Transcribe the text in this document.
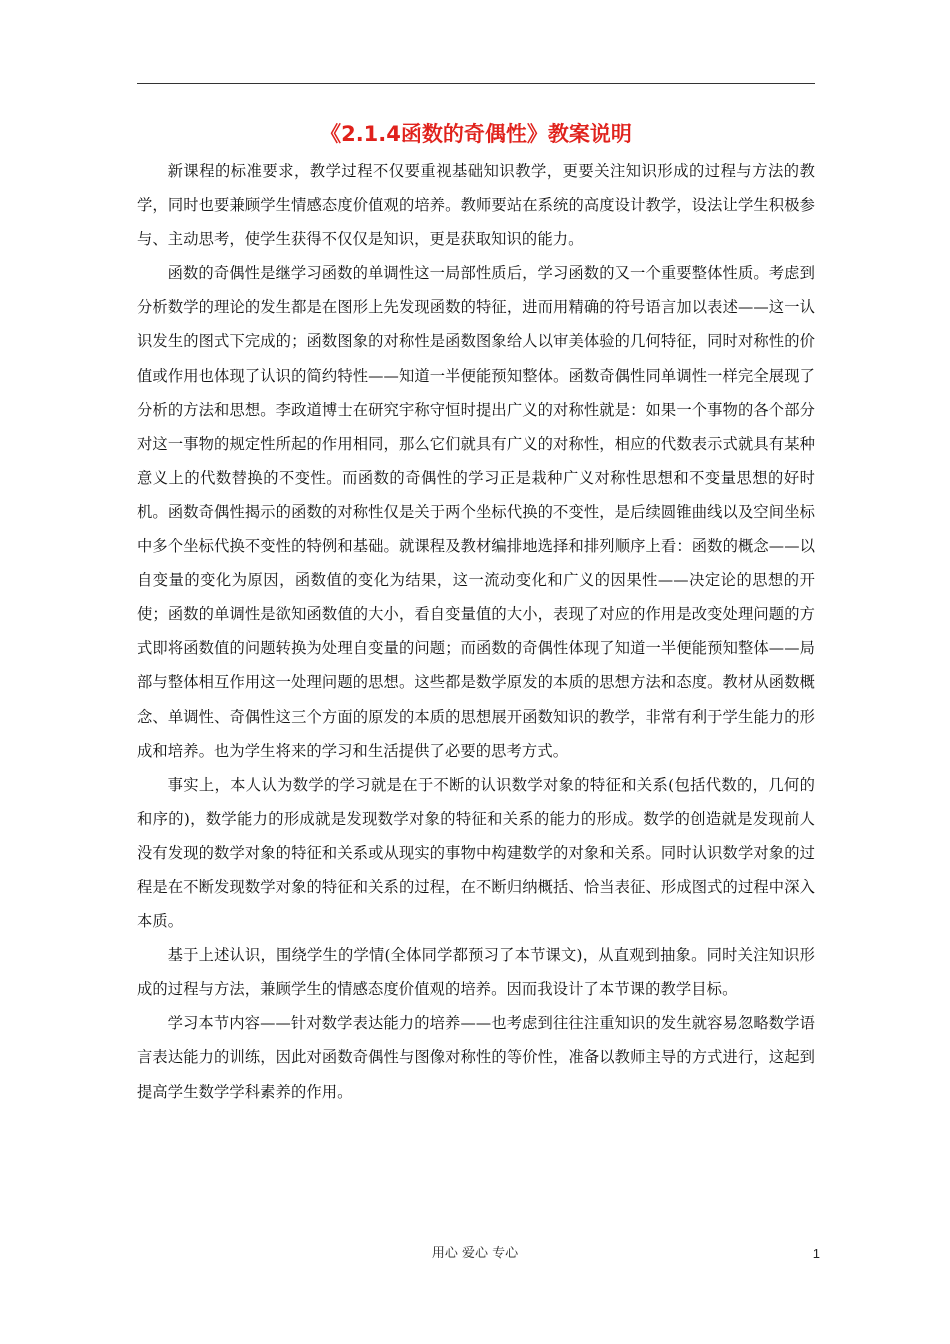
《2.1.4函数的奇偶性》教案说明

新课程的标准要求，教学过程不仅要重视基础知识教学，更要关注知识形成的过程与方法的教学，同时也要兼顾学生情感态度价值观的培养。教师要站在系统的高度设计教学，设法让学生积极参与、主动思考，使学生获得不仅仅是知识，更是获取知识的能力。

函数的奇偶性是继学习函数的单调性这一局部性质后，学习函数的又一个重要整体性质。考虑到分析数学的理论的发生都是在图形上先发现函数的特征，进而用精确的符号语言加以表述——这一认识发生的图式下完成的；函数图象的对称性是函数图象给人以审美体验的几何特征，同时对称性的价值或作用也体现了认识的简约特性——知道一半便能预知整体。函数奇偶性同单调性一样完全展现了分析的方法和思想。李政道博士在研究宇称守恒时提出广义的对称性就是：如果一个事物的各个部分对这一事物的规定性所起的作用相同，那么它们就具有广义的对称性，相应的代数表示式就具有某种意义上的代数替换的不变性。而函数的奇偶性的学习正是栽种广义对称性思想和不变量思想的好时机。函数奇偶性揭示的函数的对称性仅是关于两个坐标代换的不变性，是后续圆锥曲线以及空间坐标中多个坐标代换不变性的特例和基础。就课程及教材编排地选择和排列顺序上看：函数的概念——以自变量的变化为原因，函数值的变化为结果，这一流动变化和广义的因果性——决定论的思想的开使；函数的单调性是欲知函数值的大小，看自变量值的大小，表现了对应的作用是改变处理问题的方式即将函数值的问题转换为处理自变量的问题；而函数的奇偶性体现了知道一半便能预知整体——局部与整体相互作用这一处理问题的思想。这些都是数学原发的本质的思想方法和态度。教材从函数概念、单调性、奇偶性这三个方面的原发的本质的思想展开函数知识的教学，非常有利于学生能力的形成和培养。也为学生将来的学习和生活提供了必要的思考方式。

事实上，本人认为数学的学习就是在于不断的认识数学对象的特征和关系(包括代数的，几何的和序的)，数学能力的形成就是发现数学对象的特征和关系的能力的形成。数学的创造就是发现前人没有发现的数学对象的特征和关系或从现实的事物中构建数学的对象和关系。同时认识数学对象的过程是在不断发现数学对象的特征和关系的过程，在不断归纳概括、恰当表征、形成图式的过程中深入本质。

基于上述认识，围绕学生的学情(全体同学都预习了本节课文)，从直观到抽象。同时关注知识形成的过程与方法，兼顾学生的情感态度价值观的培养。因而我设计了本节课的教学目标。

学习本节内容——针对数学表达能力的培养——也考虑到往往注重知识的发生就容易忽略数学语言表达能力的训练，因此对函数奇偶性与图像对称性的等价性，准备以教师主导的方式进行，这起到提高学生数学学科素养的作用。

用心 爱心 专心	1
